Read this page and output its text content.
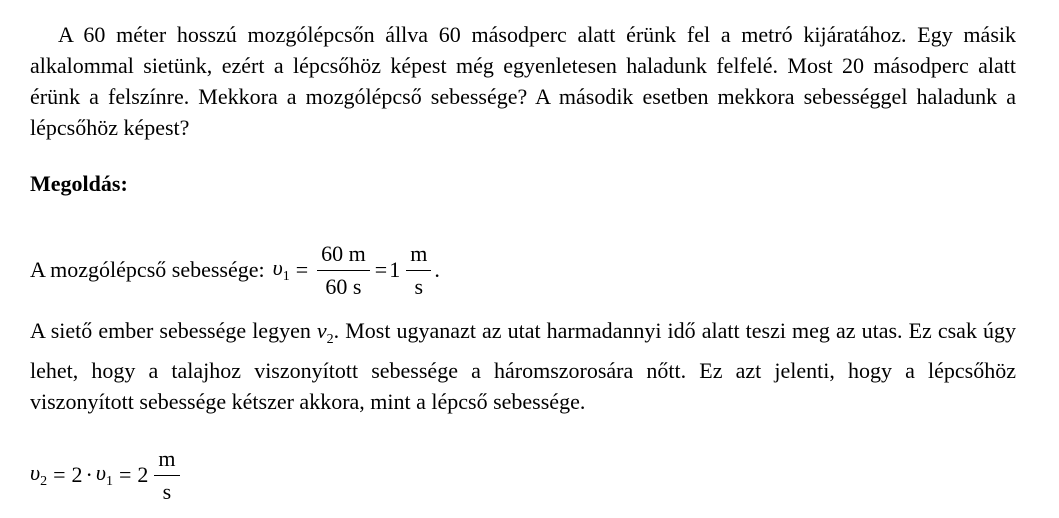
A 60 méter hosszú mozgólépcsőn állva 60 másodperc alatt érünk fel a metró kijáratához. Egy másik alkalommal sietünk, ezért a lépcsőhöz képest még egyenletesen haladunk felfelé. Most 20 másodperc alatt érünk a felszínre. Mekkora a mozgólépcső sebessége? A második esetben mekkora sebességgel haladunk a lépcsőhöz képest?

Megoldás:
A mozgólépcső sebessége: $\upsilon_1 = \frac{60 m}{60 s} = 1 \frac{m}{s}$ .

A siető ember sebessége legyen $v_2$. Most ugyanazt az utat harmadannyi idő alatt teszi meg az utas. Ez csak úgy lehet, hogy a talajhoz viszonyított sebessége a háromszorosára nőtt. Ez azt jelenti, hogy a lépcsőhöz viszonyított sebessége kétszer akkora, mint a lépcső sebessége.

$\upsilon_2 = 2 \cdot \upsilon_1 = 2 \frac{m}{s}$
